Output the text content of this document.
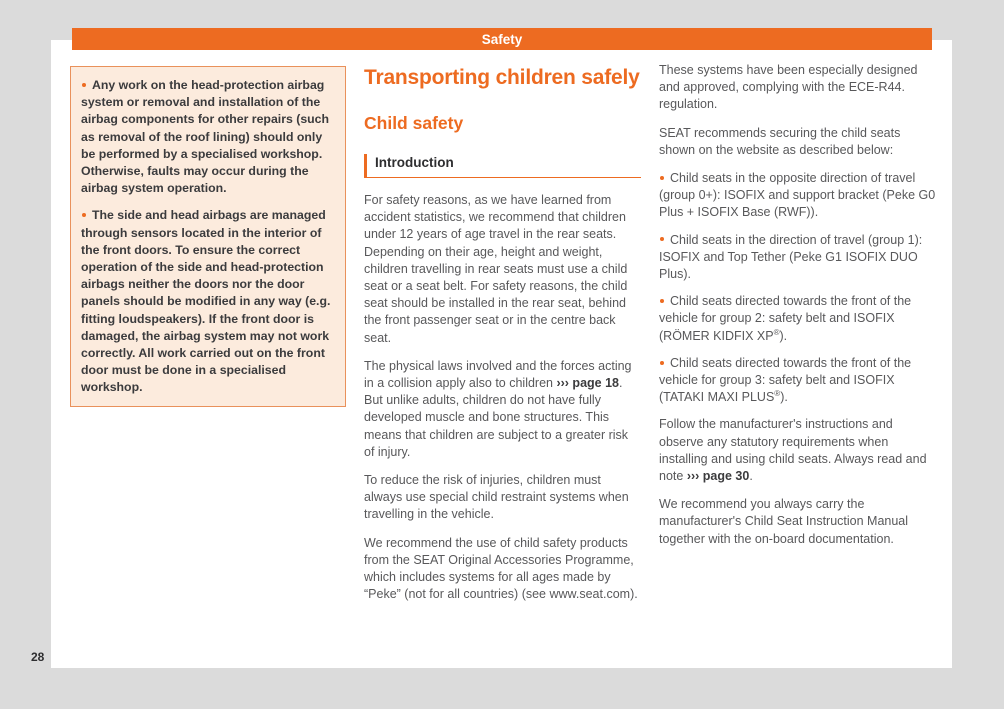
Safety
28

Any work on the head-protection airbag system or removal and installation of the airbag components for other repairs (such as removal of the roof lining) should only be performed by a specialised workshop. Otherwise, faults may occur during the airbag system operation.

The side and head airbags are managed through sensors located in the interior of the front doors. To ensure the correct operation of the side and head-protection airbags neither the doors nor the door panels should be modified in any way (e.g. fitting loudspeakers). If the front door is damaged, the airbag system may not work correctly. All work carried out on the front door must be done in a specialised workshop.

Transporting children safely
Child safety
Introduction

For safety reasons, as we have learned from accident statistics, we recommend that children under 12 years of age travel in the rear seats. Depending on their age, height and weight, children travelling in rear seats must use a child seat or a seat belt. For safety reasons, the child seat should be installed in the rear seat, behind the front passenger seat or in the centre back seat.

The physical laws involved and the forces acting in a collision apply also to children ››› page 18. But unlike adults, children do not have fully developed muscle and bone structures. This means that children are subject to a greater risk of injury.

To reduce the risk of injuries, children must always use special child restraint systems when travelling in the vehicle.

We recommend the use of child safety products from the SEAT Original Accessories Programme, which includes systems for all ages made by “Peke” (not for all countries) (see www.seat.com).

These systems have been especially designed and approved, complying with the ECE-R44. regulation.

SEAT recommends securing the child seats shown on the website as described below:

Child seats in the opposite direction of travel (group 0+): ISOFIX and support bracket (Peke G0 Plus + ISOFIX Base (RWF)).

Child seats in the direction of travel (group 1): ISOFIX and Top Tether (Peke G1 ISOFIX DUO Plus).

Child seats directed towards the front of the vehicle for group 2: safety belt and ISOFIX (RÖMER KIDFIX XP®).

Child seats directed towards the front of the vehicle for group 3: safety belt and ISOFIX (TATAKI MAXI PLUS®).

Follow the manufacturer's instructions and observe any statutory requirements when installing and using child seats. Always read and note ››› page 30.

We recommend you always carry the manufacturer's Child Seat Instruction Manual together with the on-board documentation.
